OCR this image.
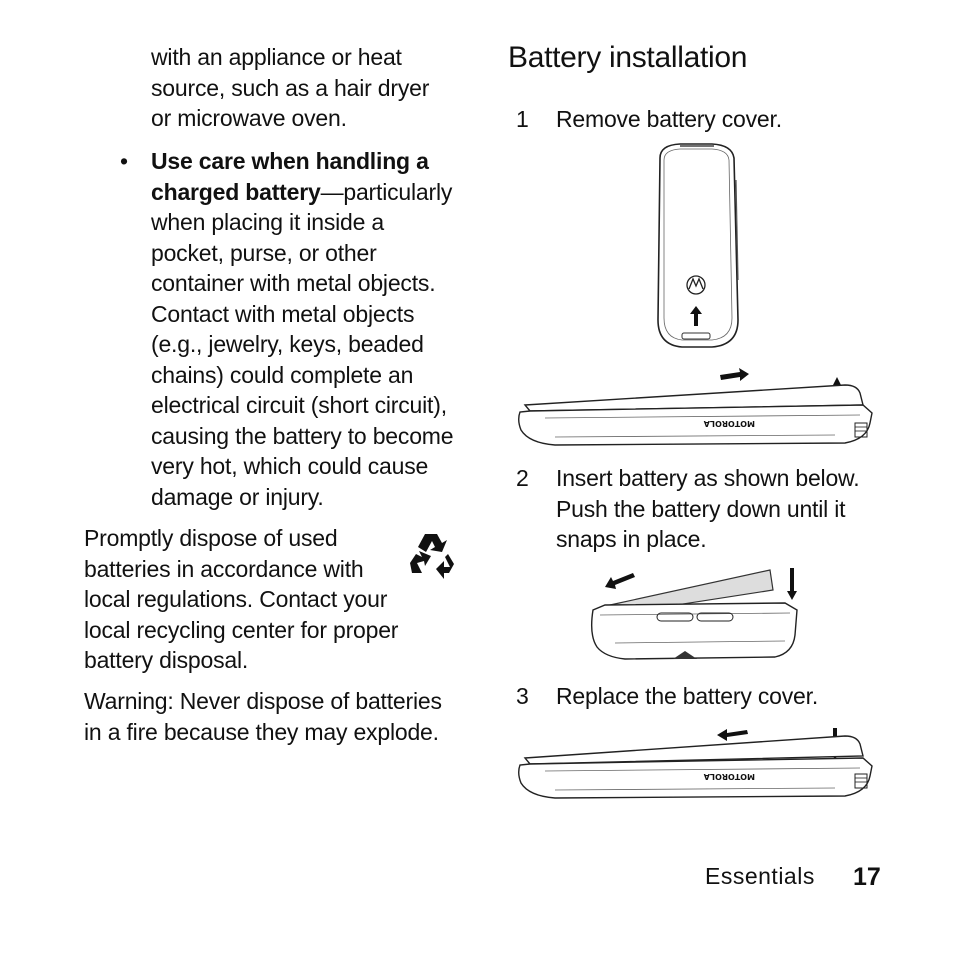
with an appliance or heat source, such as a hair dryer or microwave oven.
• Use care when handling a charged battery—particularly when placing it inside a pocket, purse, or other container with metal objects. Contact with metal objects (e.g., jewelry, keys, beaded chains) could complete an electrical circuit (short circuit), causing the battery to become very hot, which could cause damage or injury.
Promptly dispose of used batteries in accordance with local regulations. Contact your local recycling center for proper battery disposal.
Warning: Never dispose of batteries in a fire because they may explode.
Battery installation
1 Remove battery cover.
MOTOROLA
2 Insert battery as shown below. Push the battery down until it snaps in place.
3 Replace the battery cover.
MOTOROLA
Essentials 17
